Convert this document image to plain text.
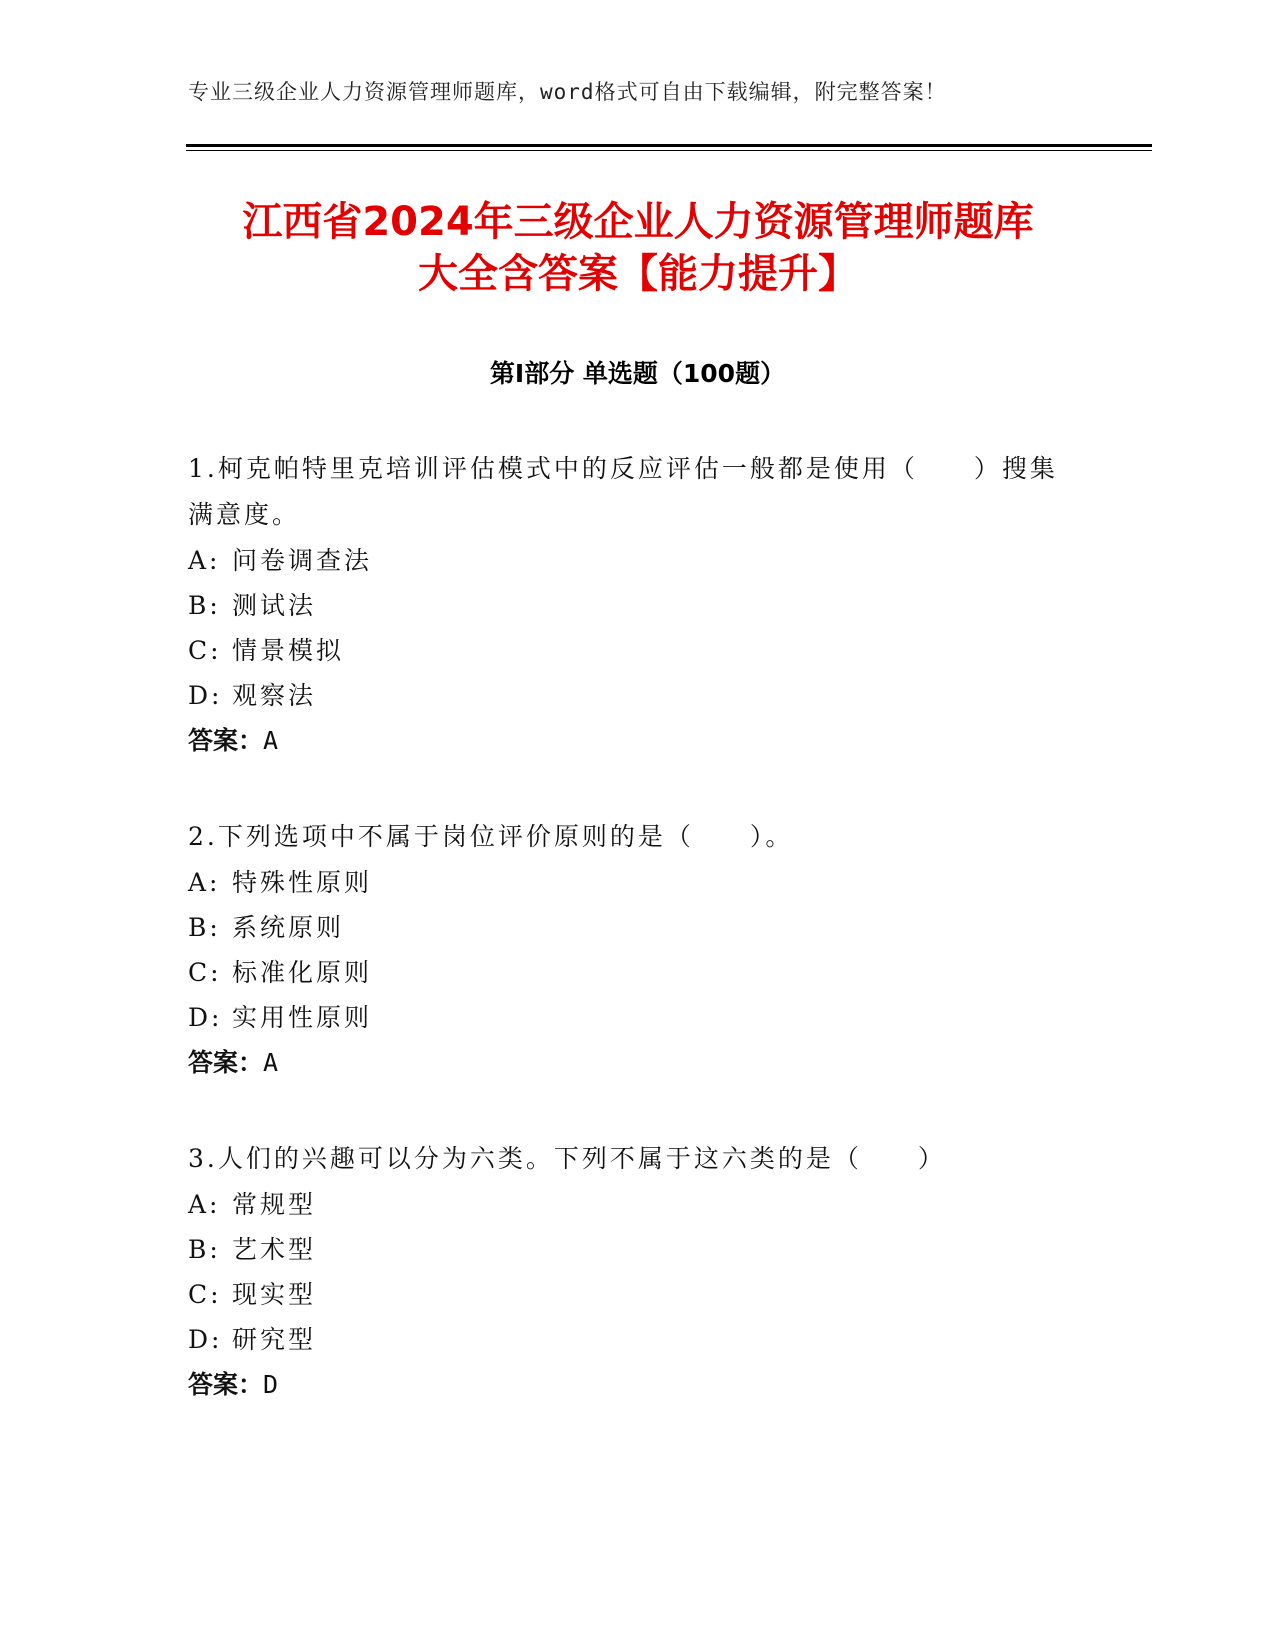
专业三级企业人力资源管理师题库，word格式可自由下载编辑，附完整答案！
江西省2024年三级企业人力资源管理师题库
大全含答案【能力提升】
第Ⅰ部分 单选题（100题）

1.柯克帕特里克培训评估模式中的反应评估一般都是使用（　　）搜集满意度。

A: 问卷调查法
B: 测试法
C: 情景模拟
D: 观察法

答案：A

2.下列选项中不属于岗位评价原则的是（　　）。

A: 特殊性原则
B: 系统原则
C: 标准化原则
D: 实用性原则

答案：A

3.人们的兴趣可以分为六类。下列不属于这六类的是（　　）

A: 常规型
B: 艺术型
C: 现实型
D: 研究型

答案：D
